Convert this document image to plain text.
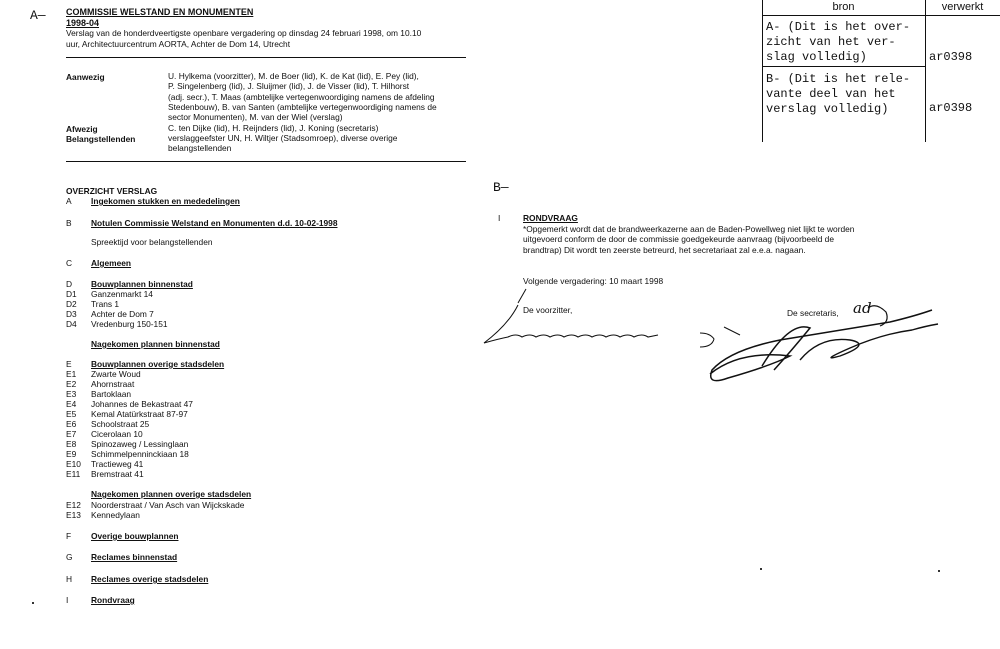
A—
B—
COMMISSIE WELSTAND EN MONUMENTEN
1998-04
Verslag van de honderdveertigste openbare vergadering op dinsdag 24 februari 1998, om 10.10
uur, Architectuurcentrum AORTA, Achter de Dom 14, Utrecht
Aanwezig	U. Hylkema (voorzitter), M. de Boer (lid), K. de Kat (lid), E. Pey (lid),
P. Singelenberg (lid), J. Sluijmer (lid), J. de Visser (lid), T. Hilhorst
(adj. secr.), T. Maas (ambtelijke vertegenwoordiging namens de afdeling
Stedenbouw), B. van Santen (ambtelijke vertegenwoordiging namens de
sector Monumenten), M. van der Wiel (verslag)
Afwezig	C. ten Dijke (lid), H. Reijnders (lid), J. Koning (secretaris)
Belangstellenden	verslaggeefster UN, H. Wiltjer (Stadsomroep), diverse overige
belangstellenden
OVERZICHT VERSLAG
A Ingekomen stukken en mededelingen
B Notulen Commissie Welstand en Monumenten d.d. 10-02-1998
Spreektijd voor belangstellenden
C Algemeen
D Bouwplannen binnenstad
D1 Ganzenmarkt 14
D2 Trans 1
D3 Achter de Dom 7
D4 Vredenburg 150-151
Nagekomen plannen binnenstad
E Bouwplannen overige stadsdelen
E1 Zwarte Woud
E2 Ahornstraat
E3 Bartoklaan
E4 Johannes de Bekastraat 47
E5 Kemal Atatürkstraat 87-97
E6 Schoolstraat 25
E7 Cicerolaan 10
E8 Spinozaweg / Lessinglaan
E9 Schimmelpenninckiaan 18
E10 Tractieweg 41
E11 Bremstraat 41
Nagekomen plannen overige stadsdelen
E12 Noorderstraat / Van Asch van Wijckskade
E13 Kennedylaan
F Overige bouwplannen
G Reclames binnenstad
H Reclames overige stadsdelen
I	Rondvraag
I	RONDVRAAG
*Opgemerkt wordt dat de brandweerkazerne aan de Baden-Powellweg niet lijkt te worden
uitgevoerd conform de door de commissie goedgekeurde aanvraag (bijvoorbeeld de
brandtrap) Dit wordt ten zeerste betreurd, het secretariaat zal e.e.a. nagaan.
Volgende vergadering: 10 maart 1998
De voorzitter,	De secretaris, ad
bron	verwerkt
A- (Dit is het over-
zicht van het ver-
slag volledig)	ar0398
B- (Dit is het rele-
vante deel van het
verslag volledig)	ar0398
